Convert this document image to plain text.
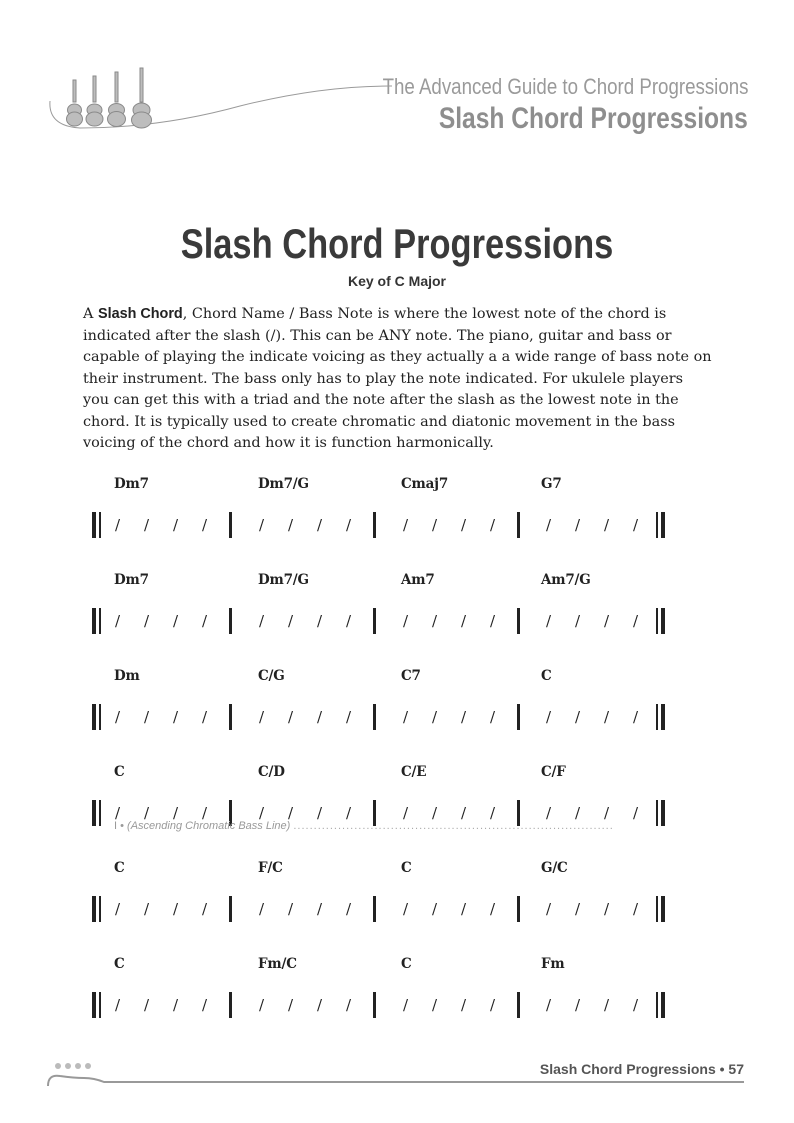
The Advanced Guide to Chord Progressions
Slash Chord Progressions
Slash Chord Progressions
Key of C Major
A Slash Chord, Chord Name / Bass Note is where the lowest note of the chord is indicated after the slash (/). This can be ANY note. The piano, guitar and bass or capable of playing the indicate voicing as they actually a a wide range of bass note on their instrument. The bass only has to play the note indicated. For ukulele players you can get this with a triad and the note after the slash as the lowest note in the chord. It is typically used to create chromatic and diatonic movement in the bass voicing of the chord and how it is function harmonically.
Dm7
/ / / /
Dm7/G
/ / / /
Cmaj7
/ / / /
G7
/ / / /
Dm7
/ / / /
Dm7/G
/ / / /
Am7
/ / / /
Am7/G
/ / / /
Dm
/ / / /
C/G
/ / / /
C7
/ / / /
C
/ / / /
C
/ / / /
C/D
/ / / /
C/E
/ / / /
C/F
/ / / /
C
/ / / /
F/C
/ / / /
C
/ / / /
G/C
/ / / /
C
/ / / /
Fm/C
/ / / /
C
/ / / /
Fm
/ / / /
I • (Ascending Chromatic Bass Line) ...............................................................................
Slash Chord Progressions • 57
